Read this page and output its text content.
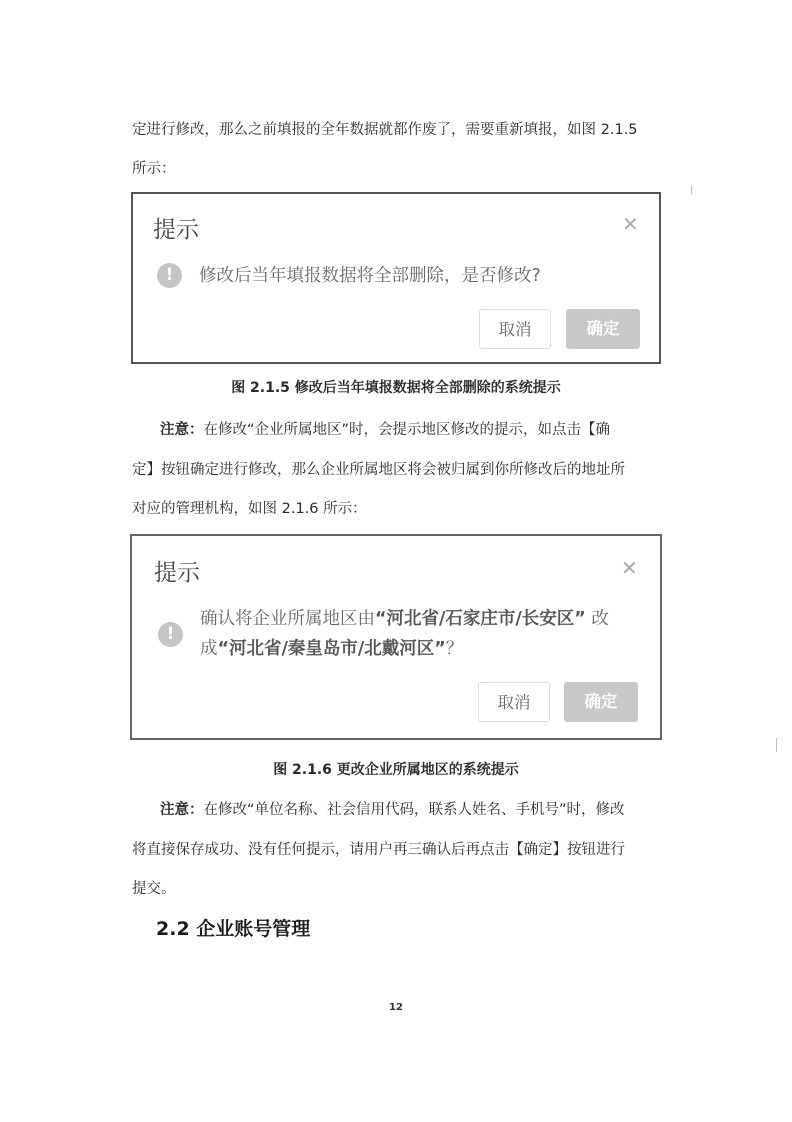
定进行修改，那么之前填报的全年数据就都作废了，需要重新填报，如图 2.1.5
所示：
提示	✕
!	修改后当年填报数据将全部删除，是否修改?
取消	确定
图 2.1.5 修改后当年填报数据将全部删除的系统提示
注意：在修改“企业所属地区”时，会提示地区修改的提示，如点击【确
定】按钮确定进行修改，那么企业所属地区将会被归属到你所修改后的地址所
对应的管理机构，如图 2.1.6 所示：
提示	✕
!
确认将企业所属地区由“河北省/石家庄市/长安区” 改
成“河北省/秦皇岛市/北戴河区”？
取消	确定
图 2.1.6 更改企业所属地区的系统提示
注意：在修改“单位名称、社会信用代码，联系人姓名、手机号”时，修改
将直接保存成功、没有任何提示，请用户再三确认后再点击【确定】按钮进行
提交。
2.2 企业账号管理
12
